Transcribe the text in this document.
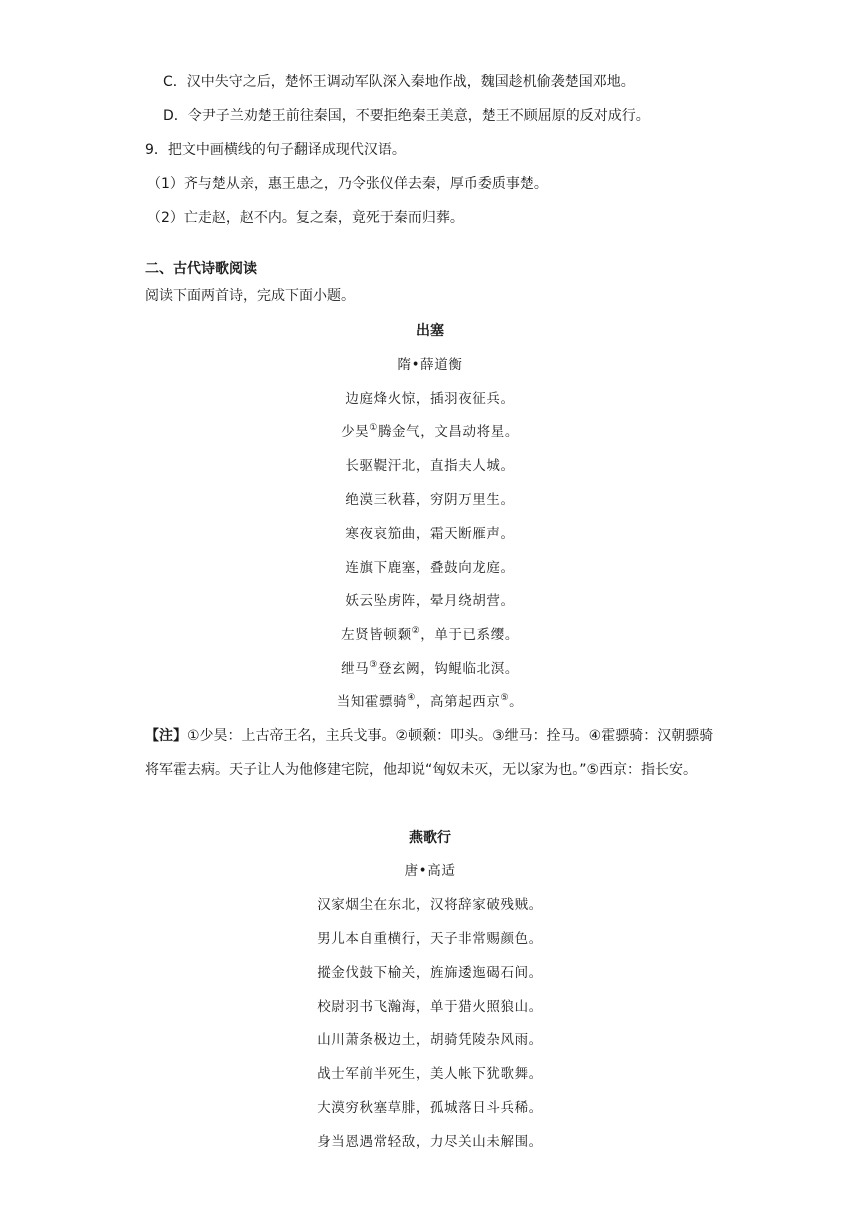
C．汉中失守之后，楚怀王调动军队深入秦地作战，魏国趁机偷袭楚国邓地。
D．令尹子兰劝楚王前往秦国，不要拒绝秦王美意，楚王不顾屈原的反对成行。
9．把文中画横线的句子翻译成现代汉语。
（1）齐与楚从亲，惠王患之，乃令张仪佯去秦，厚币委质事楚。
（2）亡走赵，赵不内。复之秦，竟死于秦而归葬。
二、古代诗歌阅读
阅读下面两首诗，完成下面小题。
出塞
隋•薛道衡
边庭烽火惊，插羽夜征兵。
少昊①腾金气，文昌动将星。
长驱鞮汗北，直指夫人城。
绝漠三秋暮，穷阴万里生。
寒夜哀笳曲，霜天断雁声。
连旗下鹿塞，叠鼓向龙庭。
妖云坠虏阵，晕月绕胡营。
左贤皆顿颡②，单于已系缨。
绁马③登玄阙，钩鲲临北溟。
当知霍骠骑④，高第起西京⑤。
【注】①少昊：上古帝王名，主兵戈事。②顿颡：叩头。③绁马：拴马。④霍骠骑：汉朝骠骑将军霍去病。天子让人为他修建宅院，他却说“匈奴未灭，无以家为也。”⑤西京：指长安。
燕歌行
唐•高适
汉家烟尘在东北，汉将辞家破残贼。
男儿本自重横行，天子非常赐颜色。
摐金伐鼓下榆关，旌旆逶迤碣石间。
校尉羽书飞瀚海，单于猎火照狼山。
山川萧条极边土，胡骑凭陵杂风雨。
战士军前半死生，美人帐下犹歌舞。
大漠穷秋塞草腓，孤城落日斗兵稀。
身当恩遇常轻敌，力尽关山未解围。
